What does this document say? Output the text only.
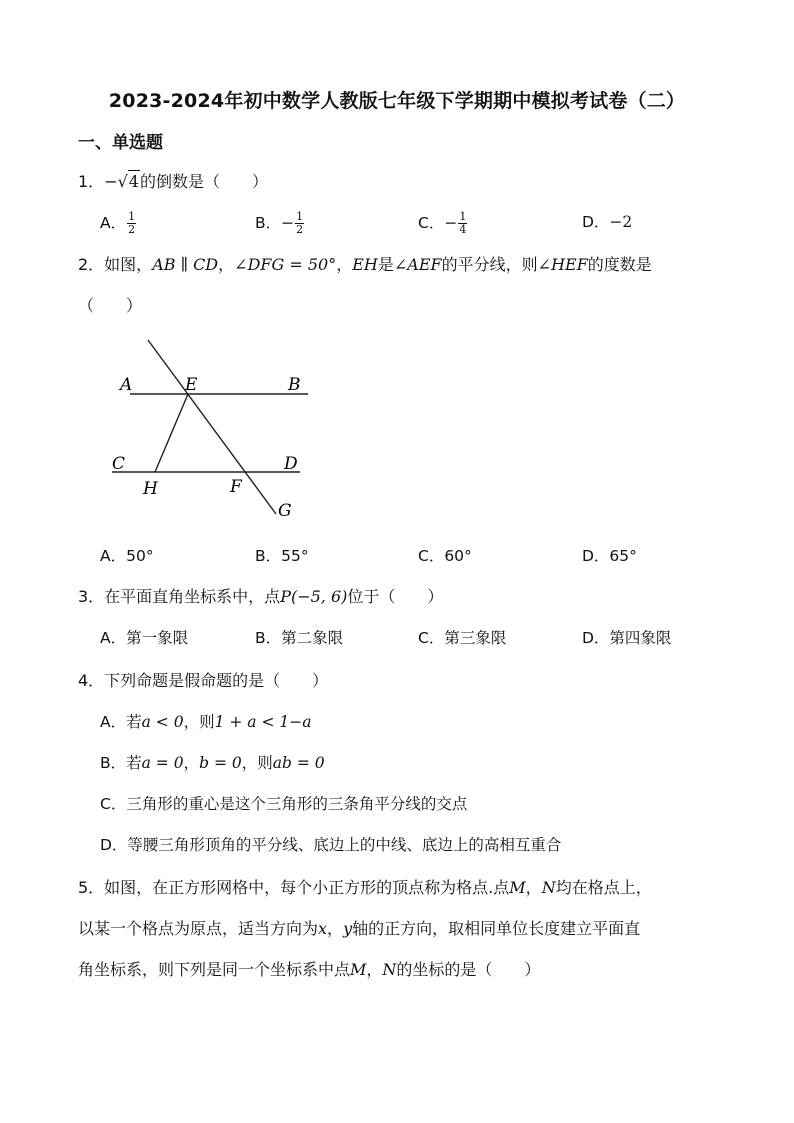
2023-2024年初中数学人教版七年级下学期期中模拟考试卷（二）
一、单选题
1．−√4的倒数是（　　）
A． $\frac{1}{2}$	B．− $\frac{1}{2}$	C．− $\frac{1}{4}$	D．−2
2．如图，AB ∥ CD，∠DFG = 50°，EH是∠AEF的平分线，则∠HEF的度数是
（　　）
A	E	B
C	D
H	F
G
A．50°	B．55°	C．60°	D．65°
3．在平面直角坐标系中，点P(−5, 6)位于（　　）
A．第一象限	B．第二象限	C．第三象限	D．第四象限
4．下列命题是假命题的是（　　）
A．若a < 0，则1 + a < 1−a
B．若a = 0，b = 0，则ab = 0
C．三角形的重心是这个三角形的三条角平分线的交点
D．等腰三角形顶角的平分线、底边上的中线、底边上的高相互重合
5．如图，在正方形网格中，每个小正方形的顶点称为格点.点M，N均在格点上，
以某一个格点为原点，适当方向为x，y轴的正方向，取相同单位长度建立平面直
角坐标系，则下列是同一个坐标系中点M，N的坐标的是（　　）
